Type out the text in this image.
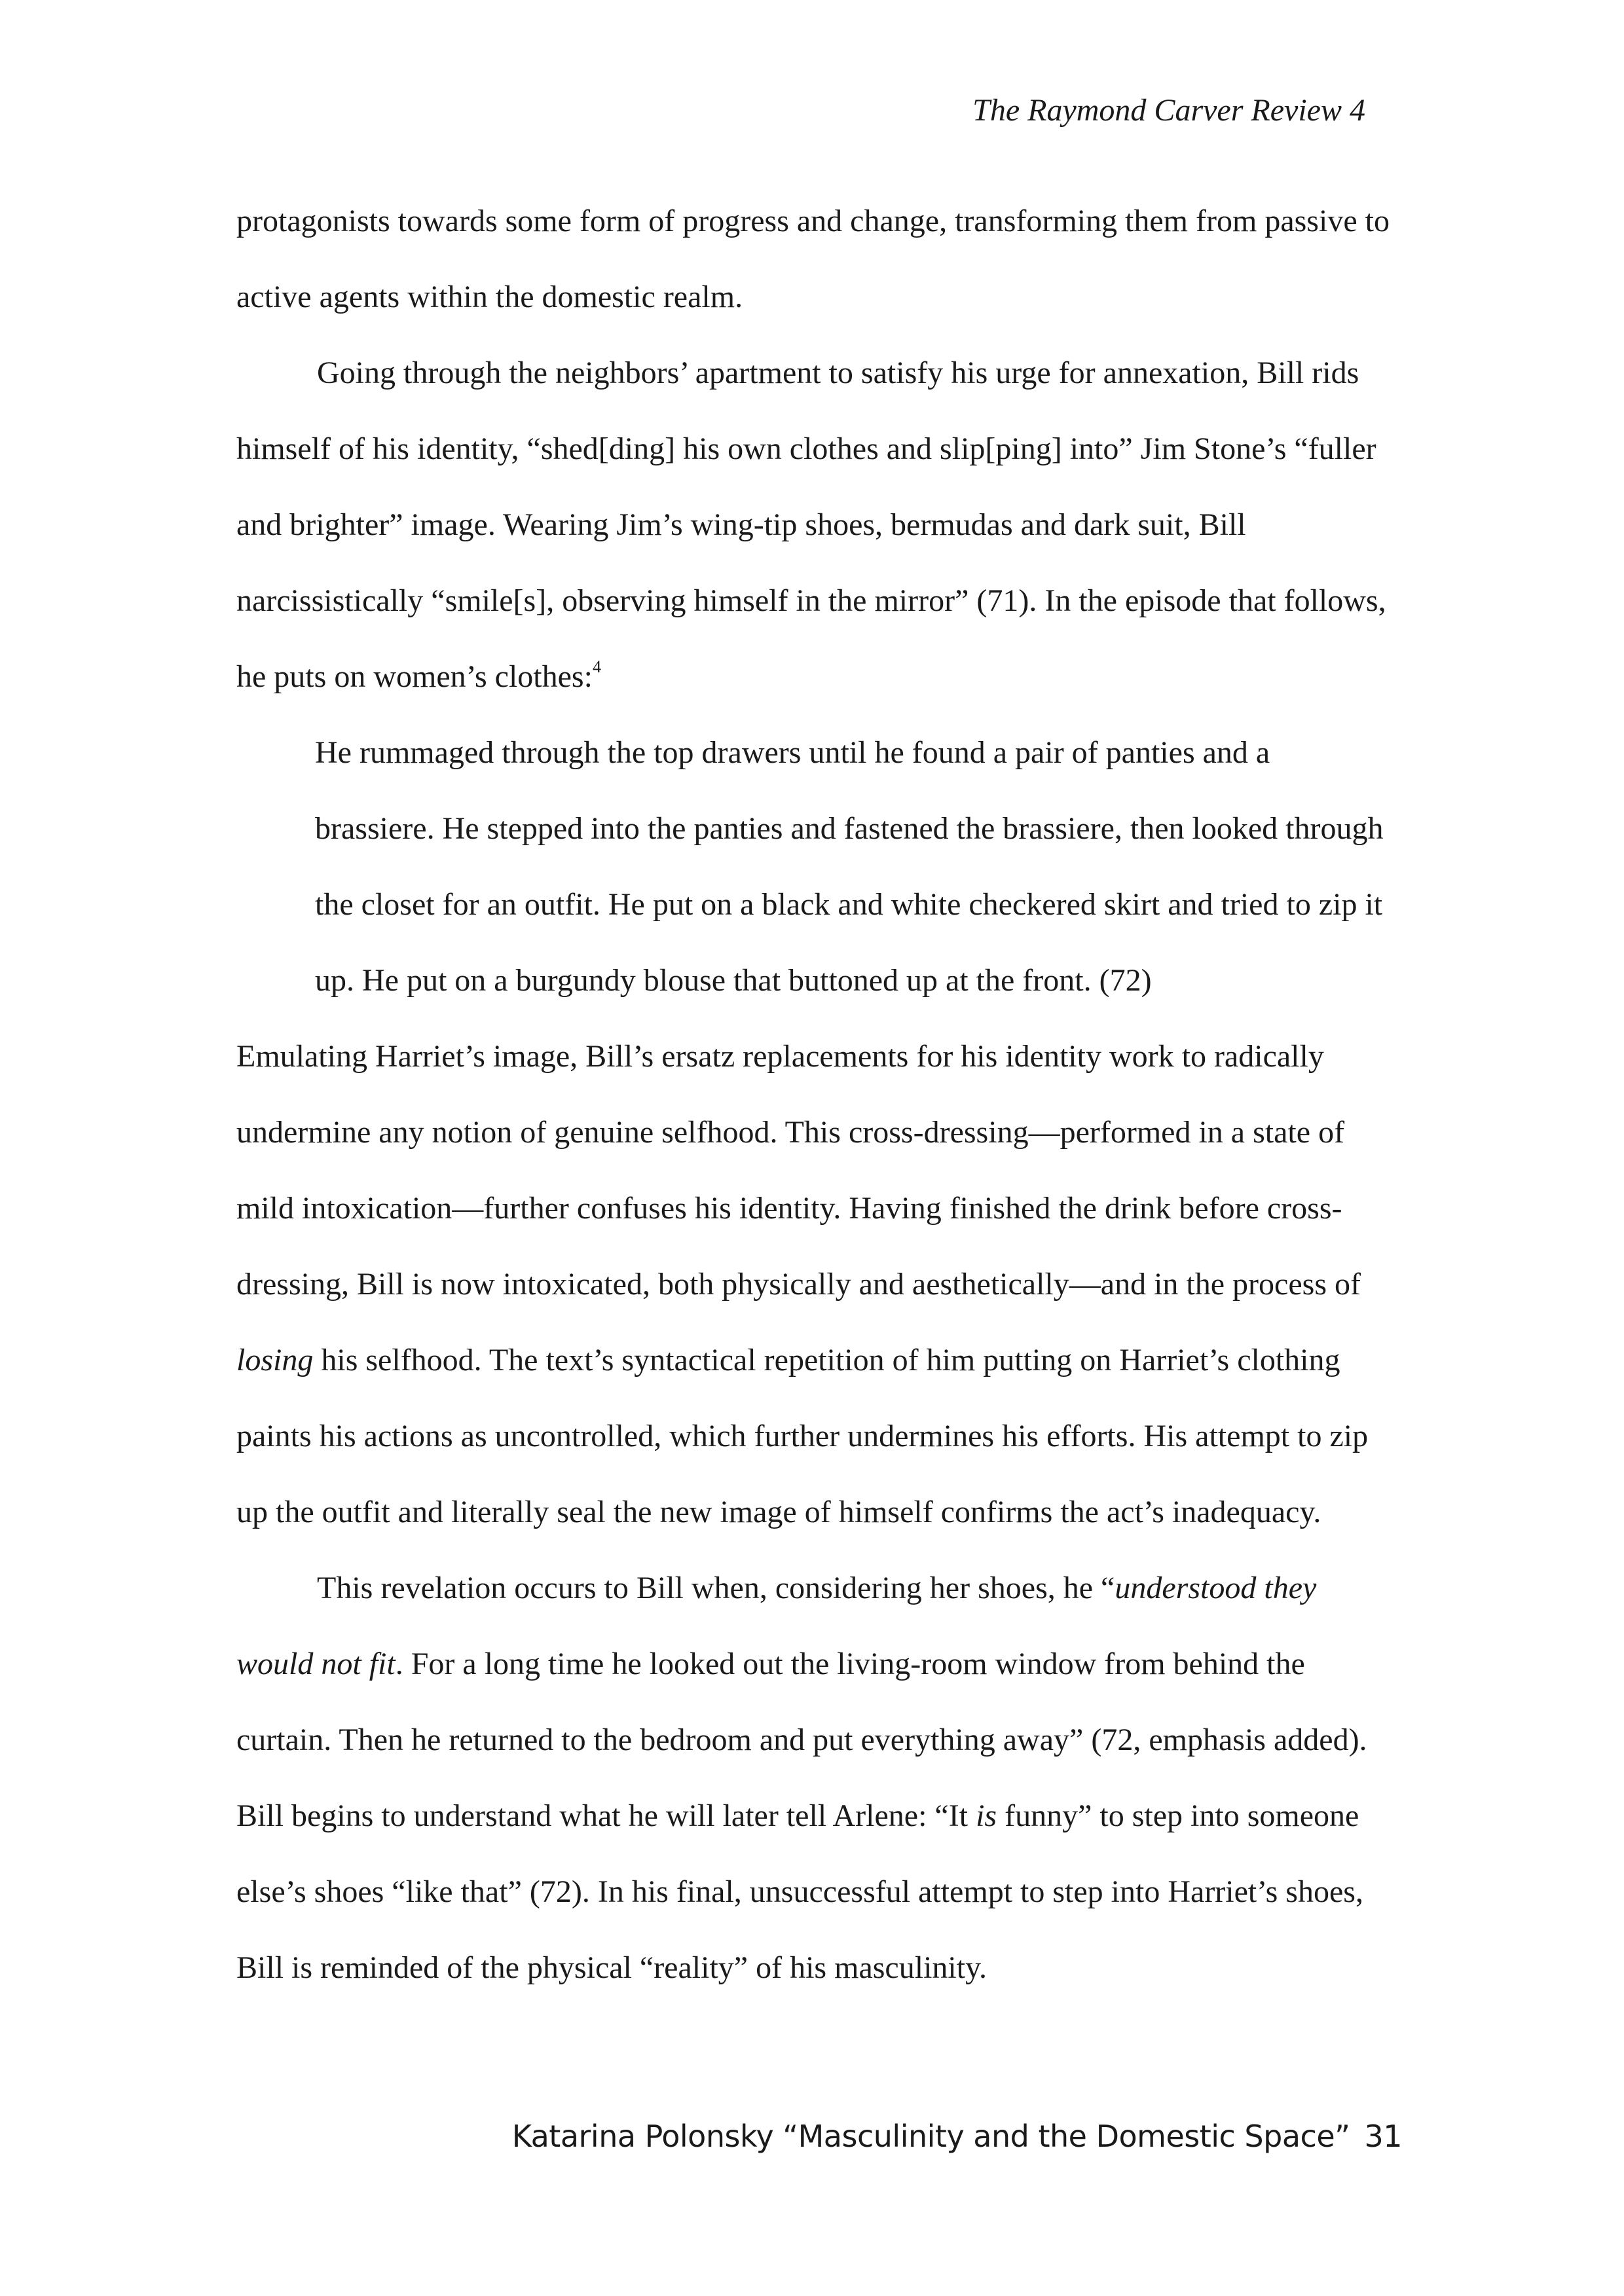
The Raymond Carver Review 4

protagonists towards some form of progress and change, transforming them from passive to active agents within the domestic realm.

Going through the neighbors’ apartment to satisfy his urge for annexation, Bill rids himself of his identity, “shed[ding] his own clothes and slip[ping] into” Jim Stone’s “fuller and brighter” image. Wearing Jim’s wing-tip shoes, bermudas and dark suit, Bill narcissistically “smile[s], observing himself in the mirror” (71). In the episode that follows, he puts on women’s clothes:$^4$

He rummaged through the top drawers until he found a pair of panties and a brassiere. He stepped into the panties and fastened the brassiere, then looked through the closet for an outfit. He put on a black and white checkered skirt and tried to zip it up. He put on a burgundy blouse that buttoned up at the front. (72)

Emulating Harriet’s image, Bill’s ersatz replacements for his identity work to radically undermine any notion of genuine selfhood. This cross-dressing—performed in a state of mild intoxication—further confuses his identity. Having finished the drink before cross-dressing, Bill is now intoxicated, both physically and aesthetically—and in the process of losing his selfhood. The text’s syntactical repetition of him putting on Harriet’s clothing paints his actions as uncontrolled, which further undermines his efforts. His attempt to zip up the outfit and literally seal the new image of himself confirms the act’s inadequacy.

This revelation occurs to Bill when, considering her shoes, he “understood they would not fit. For a long time he looked out the living-room window from behind the curtain. Then he returned to the bedroom and put everything away” (72, emphasis added). Bill begins to understand what he will later tell Arlene: “It is funny” to step into someone else’s shoes “like that” (72). In his final, unsuccessful attempt to step into Harriet’s shoes, Bill is reminded of the physical “reality” of his masculinity.

Katarina Polonsky “Masculinity and the Domestic Space” 31
